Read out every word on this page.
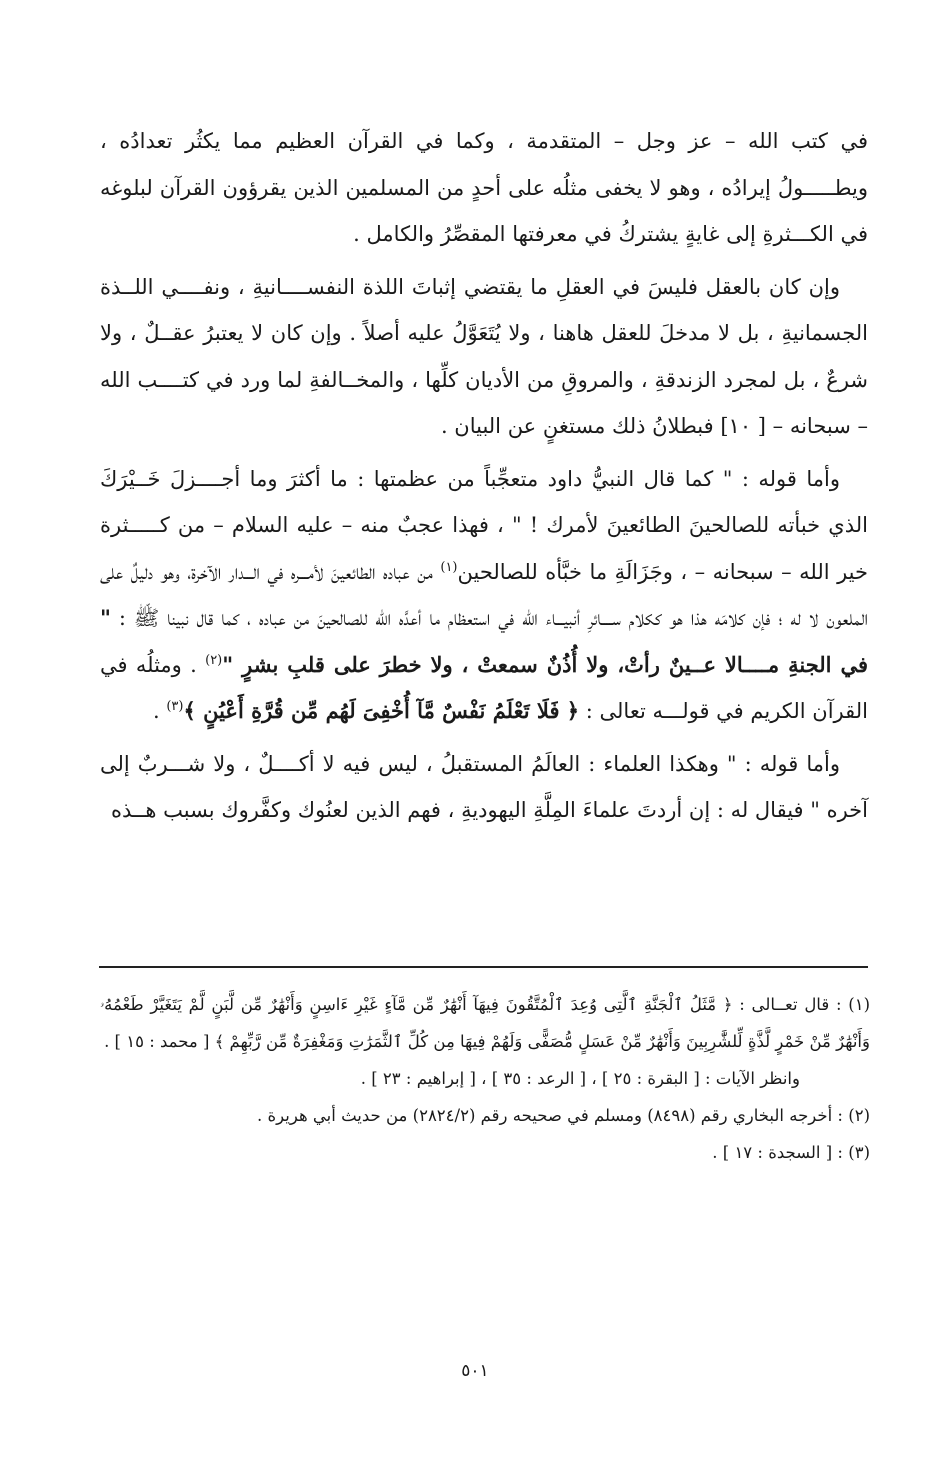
في كتب الله – عز وجل – المتقدمة ، وكما في القرآن العظيم مما يكثُر تعدادُه ، ويطـــــولُ إيرادُه ، وهو لا يخفى مثلُه على أحدٍ من المسلمين الذين يقرؤون القرآن لبلوغه في الكـــثرةِ إلى غايةٍ يشتركُ في معرفتها المقصِّرُ والكامل .

وإن كان بالعقل فليسَ في العقلِ ما يقتضي إثباتَ اللذة النفســــانيةِ ، ونفــــي اللــذة الجسمانيةِ ، بل لا مدخلَ للعقل هاهنا ، ولا يُتَعَوَّلُ عليه أصلاً . وإن كان لا يعتبرُ عقــلٌ ، ولا شرعٌ ، بل لمجرد الزندقةِ ، والمروقِ من الأديان كلِّها ، والمخــالفةِ لما ورد في كتــــب الله – سبحانه – [ ١٠] فبطلانُ ذلك مستغنٍ عن البيان .

وأما قوله : " كما قال النبيُّ داود متعجِّباً من عظمتها : ما أكثرَ وما أجــــزلَ خَــيْرَكَ الذي خبأته للصالحينَ الطائعينَ لأمرك ! " ، فهذا عجبٌ منه – عليه السلام – من كـــــثرة خير الله – سبحانه – ، وجَزَالَةِ ما خبَّأه للصالحين$^{(١)}$ من عباده الطائعينَ لأمـــره في الـــدار الآخرة، وهو دليلٌ على الملعون لا له ؛ فإن كلامَه هذا هو ككلام ســــائرِ أنبيـــاء الله في استعظام ما أعدَّه الله للصالحينَ من عباده ، كما قال نبينا ﷺ : " في الجنةِ مــــالا عــينٌ رأتْ، ولا أُذُنٌ سمعتْ ، ولا خطرَ على قلبِ بشرٍ "$^{(٢)}$ . ومثلُه في القرآن الكريم في قولـــه تعالى : ﴿ فَلَا تَعْلَمُ نَفْسٌ مَّآ أُخْفِىَ لَهُم مِّن قُرَّةِ أَعْيُنٍ ﴾$^{(٣)}$ .

وأما قوله : " وهكذا العلماء : العالَمُ المستقبلُ ، ليس فيه لا أكــــلٌ ، ولا شـــربٌ إلى آخره " فيقال له : إن أردتَ علماءَ المِلَّةِ اليهوديةِ ، فهم الذين لعنُوك وكفَّروك بسبب هــذه

(١) : قال تعــالى : ﴿ مَّثَلُ ٱلْجَنَّةِ ٱلَّتِى وُعِدَ ٱلْمُتَّقُونَ فِيهَآ أَنْهَٰرٌ مِّن مَّآءٍ غَيْرِ ءَاسِنٍ وَأَنْهَٰرٌ مِّن لَّبَنٍ لَّمْ يَتَغَيَّرْ طَعْمُهُۥ وَأَنْهَٰرٌ مِّنْ خَمْرٍ لَّذَّةٍ لِّلشَّٰرِبِينَ وَأَنْهَٰرٌ مِّنْ عَسَلٍ مُّصَفًّى وَلَهُمْ فِيهَا مِن كُلِّ ٱلثَّمَرَٰتِ وَمَغْفِرَةٌ مِّن رَّبِّهِمْ ﴾ [ محمد : ١٥ ] .

وانظر الآيات : [ البقرة : ٢٥ ] ، [ الرعد : ٣٥ ] ، [ إبراهيم : ٢٣ ] .

(٢) : أخرجه البخاري رقم (٨٤٩٨) ومسلم في صحيحه رقم (٢٨٢٤/٢) من حديث أبي هريرة .

(٣) : [ السجدة : ١٧ ] .

٥٠١
